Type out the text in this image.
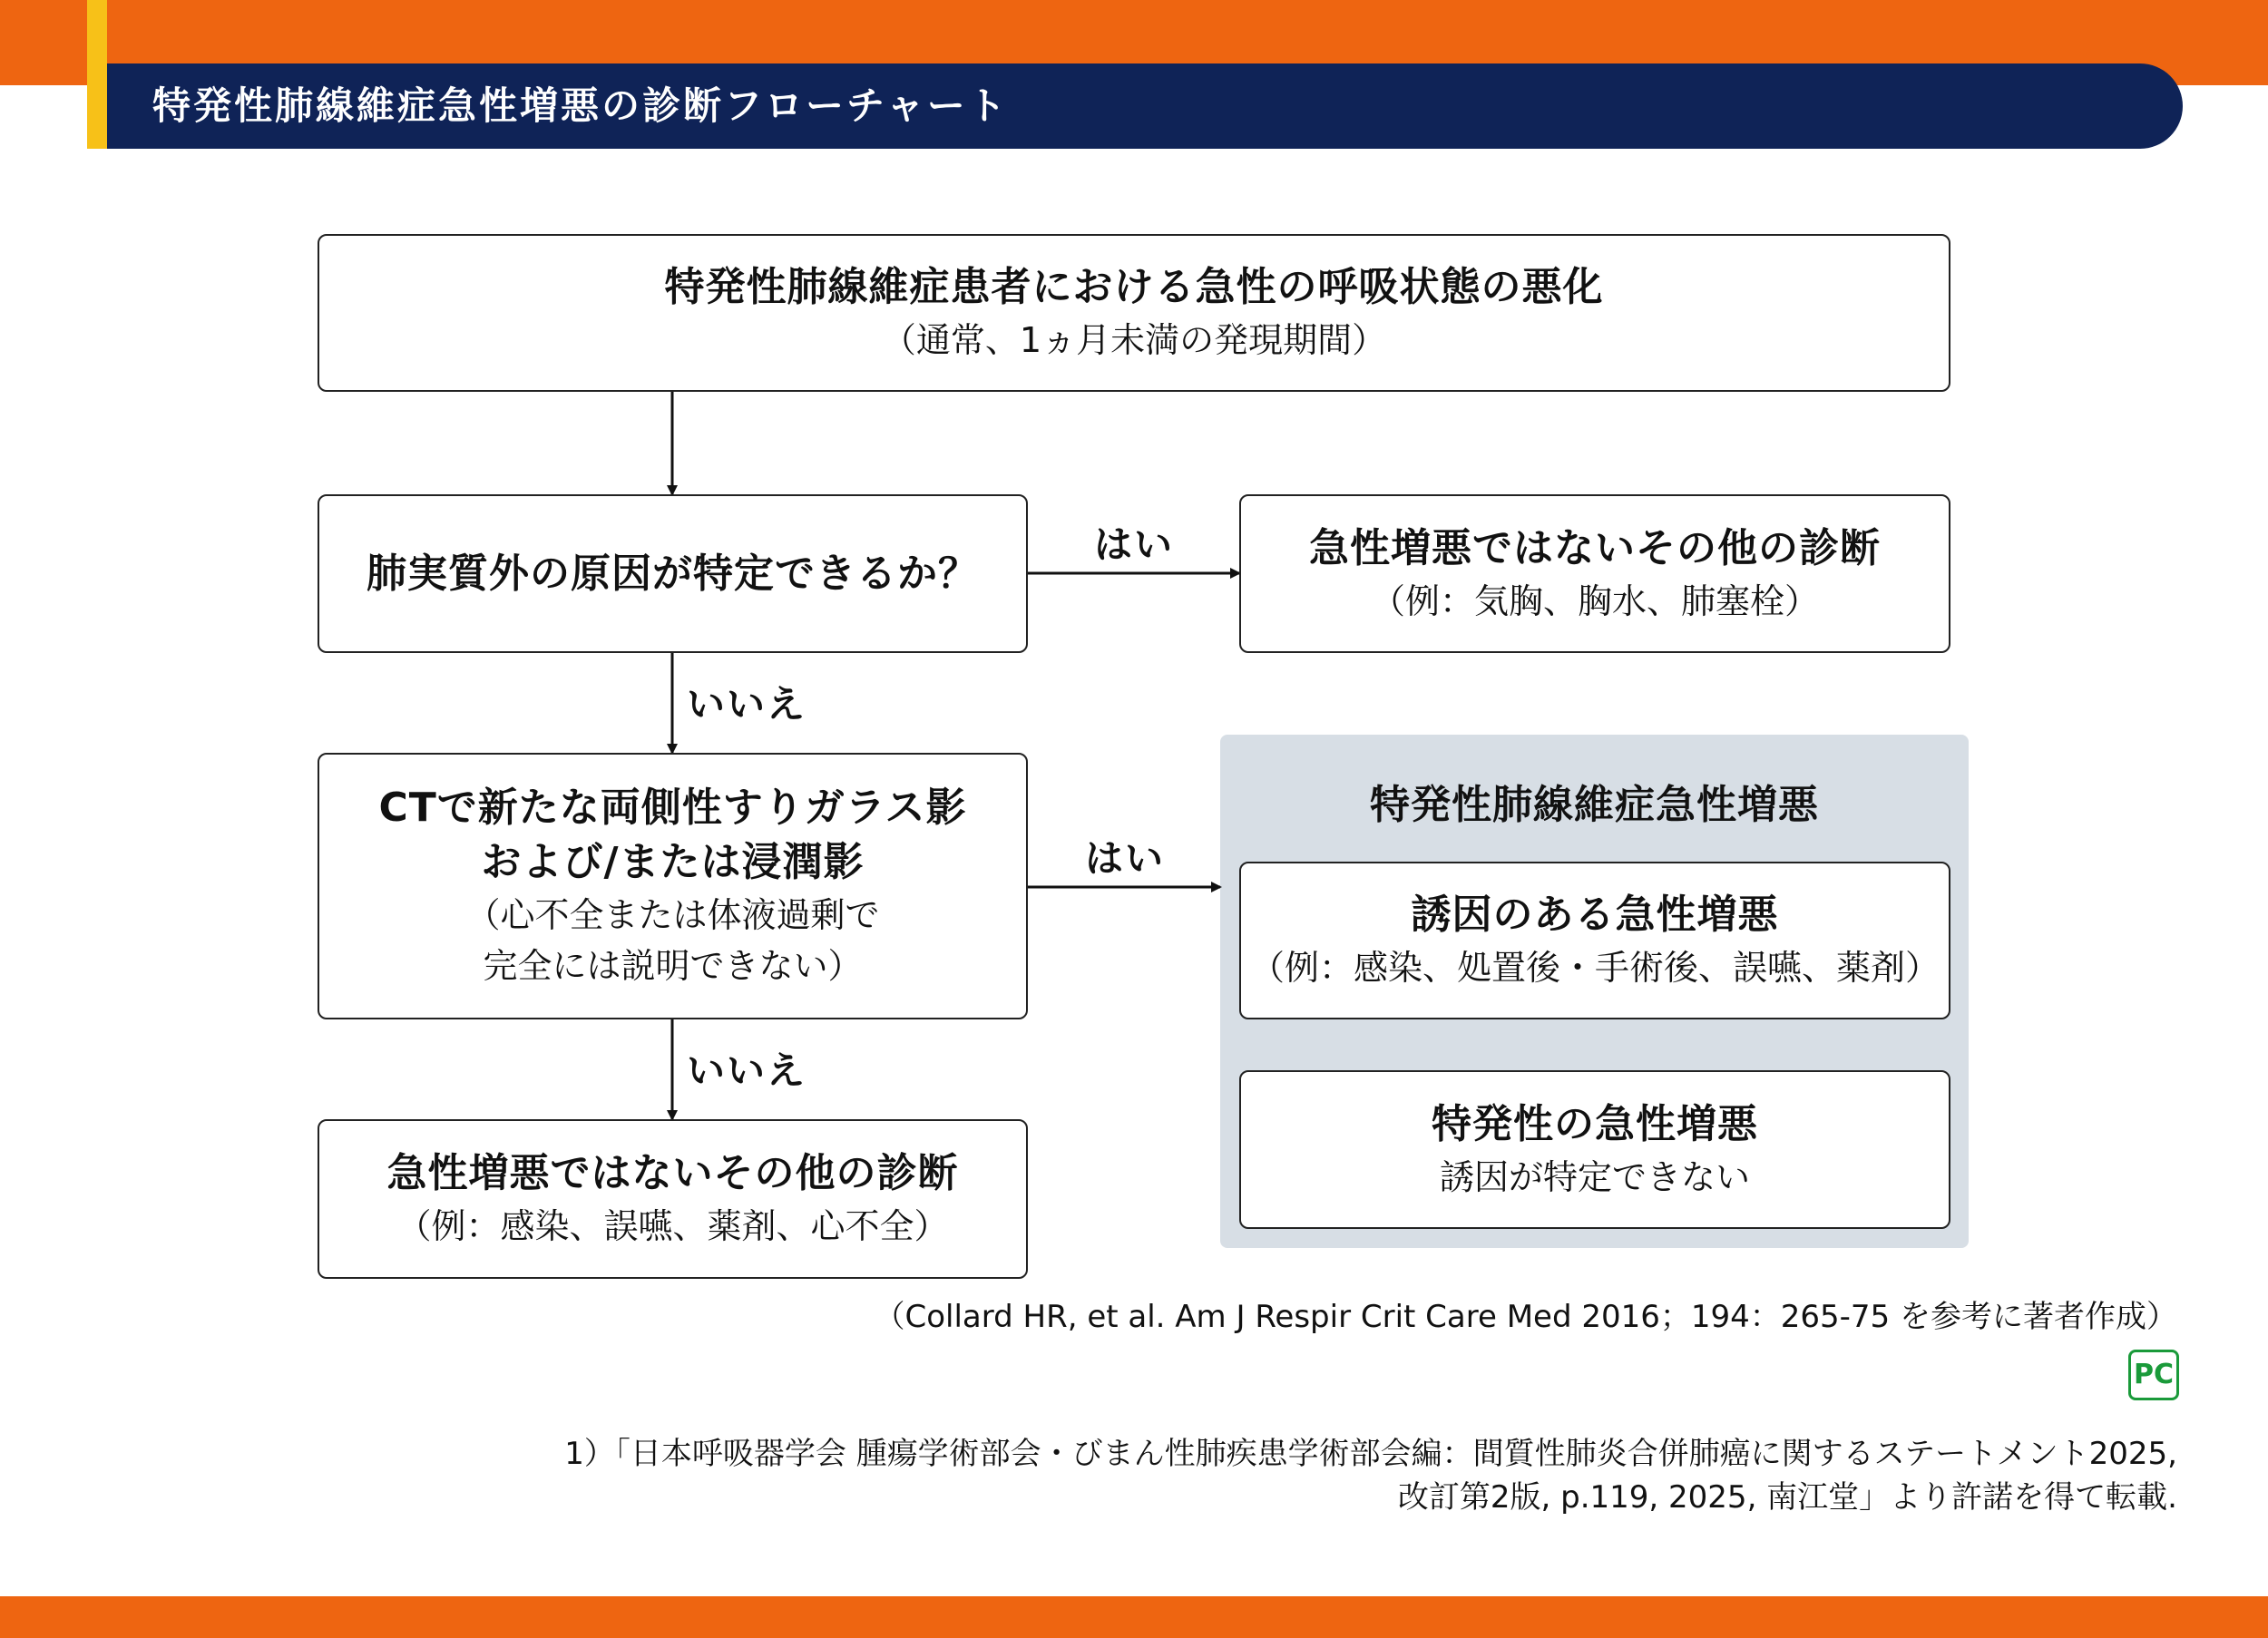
特発性肺線維症急性増悪の診断フローチャート
特発性肺線維症急性増悪
特発性肺線維症患者における急性の呼吸状態の悪化
（通常、1ヵ月未満の発現期間）
肺実質外の原因が特定できるか？
急性増悪ではないその他の診断
（例：気胸、胸水、肺塞栓）
CTで新たな両側性すりガラス影
および/または浸潤影
（心不全または体液過剰で
完全には説明できない）
急性増悪ではないその他の診断
（例：感染、誤嚥、薬剤、心不全）
誘因のある急性増悪
（例：感染、処置後・手術後、誤嚥、薬剤）
特発性の急性増悪
誘因が特定できない
はい
いいえ
はい
いいえ
（Collard HR, et al. Am J Respir Crit Care Med 2016；194：265-75 を参考に著者作成）
PC
1）「日本呼吸器学会 腫瘍学術部会・びまん性肺疾患学術部会編：間質性肺炎合併肺癌に関するステートメント2025,
改訂第2版, p.119, 2025, 南江堂」より許諾を得て転載.
